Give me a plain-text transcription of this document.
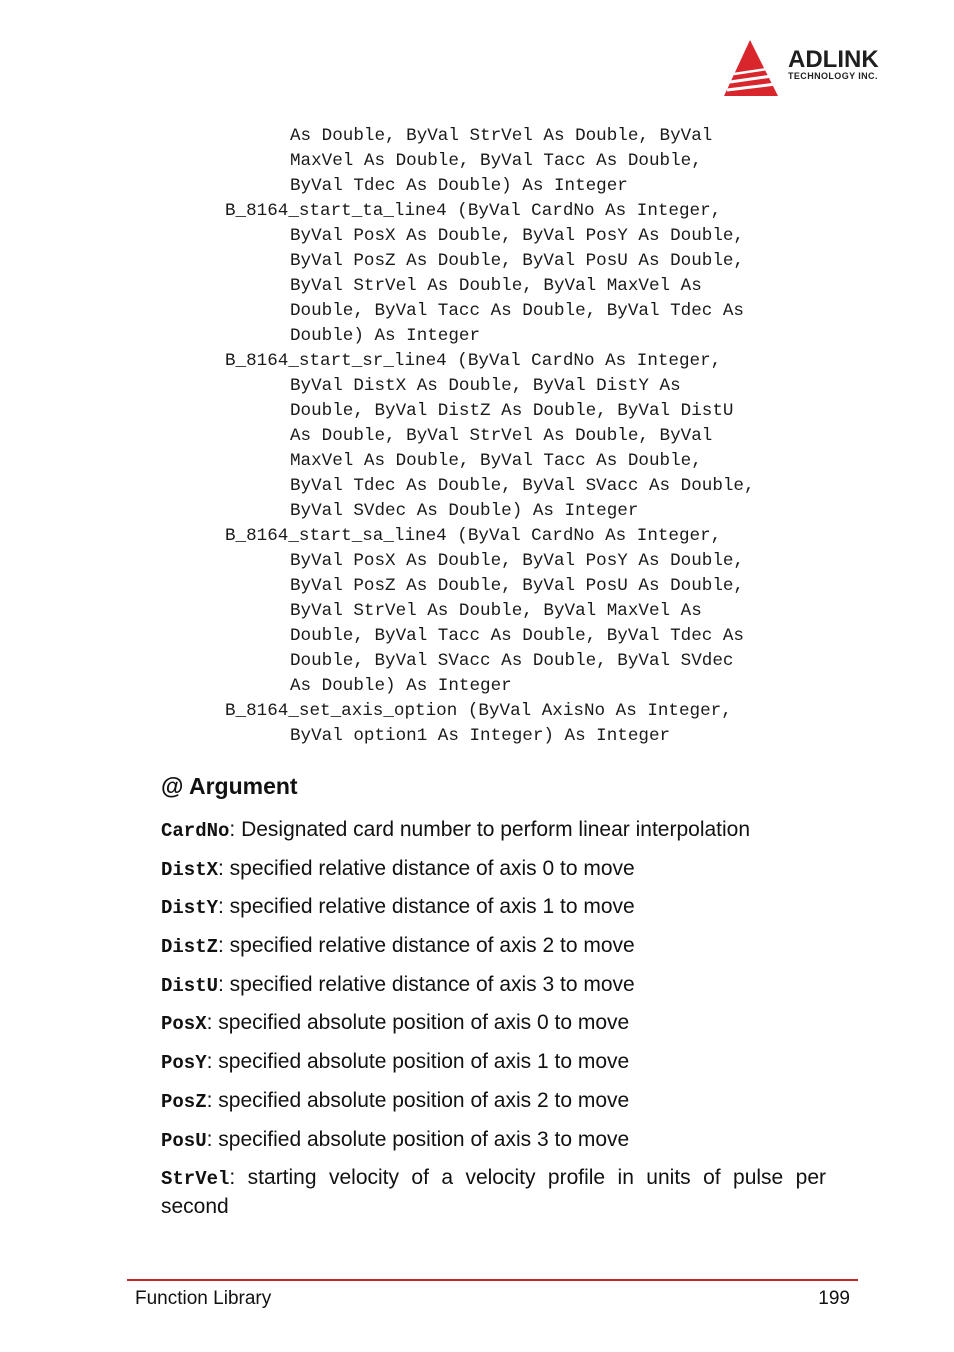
ADLINK
TECHNOLOGY INC.
As Double, ByVal StrVel As Double, ByVal
MaxVel As Double, ByVal Tacc As Double,
ByVal Tdec As Double) As Integer
B_8164_start_ta_line4 (ByVal CardNo As Integer,
ByVal PosX As Double, ByVal PosY As Double,
ByVal PosZ As Double, ByVal PosU As Double,
ByVal StrVel As Double, ByVal MaxVel As
Double, ByVal Tacc As Double, ByVal Tdec As
Double) As Integer
B_8164_start_sr_line4 (ByVal CardNo As Integer,
ByVal DistX As Double, ByVal DistY As
Double, ByVal DistZ As Double, ByVal DistU
As Double, ByVal StrVel As Double, ByVal
MaxVel As Double, ByVal Tacc As Double,
ByVal Tdec As Double, ByVal SVacc As Double,
ByVal SVdec As Double) As Integer
B_8164_start_sa_line4 (ByVal CardNo As Integer,
ByVal PosX As Double, ByVal PosY As Double,
ByVal PosZ As Double, ByVal PosU As Double,
ByVal StrVel As Double, ByVal MaxVel As
Double, ByVal Tacc As Double, ByVal Tdec As
Double, ByVal SVacc As Double, ByVal SVdec
As Double) As Integer
B_8164_set_axis_option (ByVal AxisNo As Integer,
ByVal option1 As Integer) As Integer
@ Argument
CardNo: Designated card number to perform linear interpolation
DistX: specified relative distance of axis 0 to move
DistY: specified relative distance of axis 1 to move
DistZ: specified relative distance of axis 2 to move
DistU: specified relative distance of axis 3 to move
PosX: specified absolute position of axis 0 to move
PosY: specified absolute position of axis 1 to move
PosZ: specified absolute position of axis 2 to move
PosU: specified absolute position of axis 3 to move
StrVel: starting velocity of a velocity profile in units of pulse per second
Function Library	199
